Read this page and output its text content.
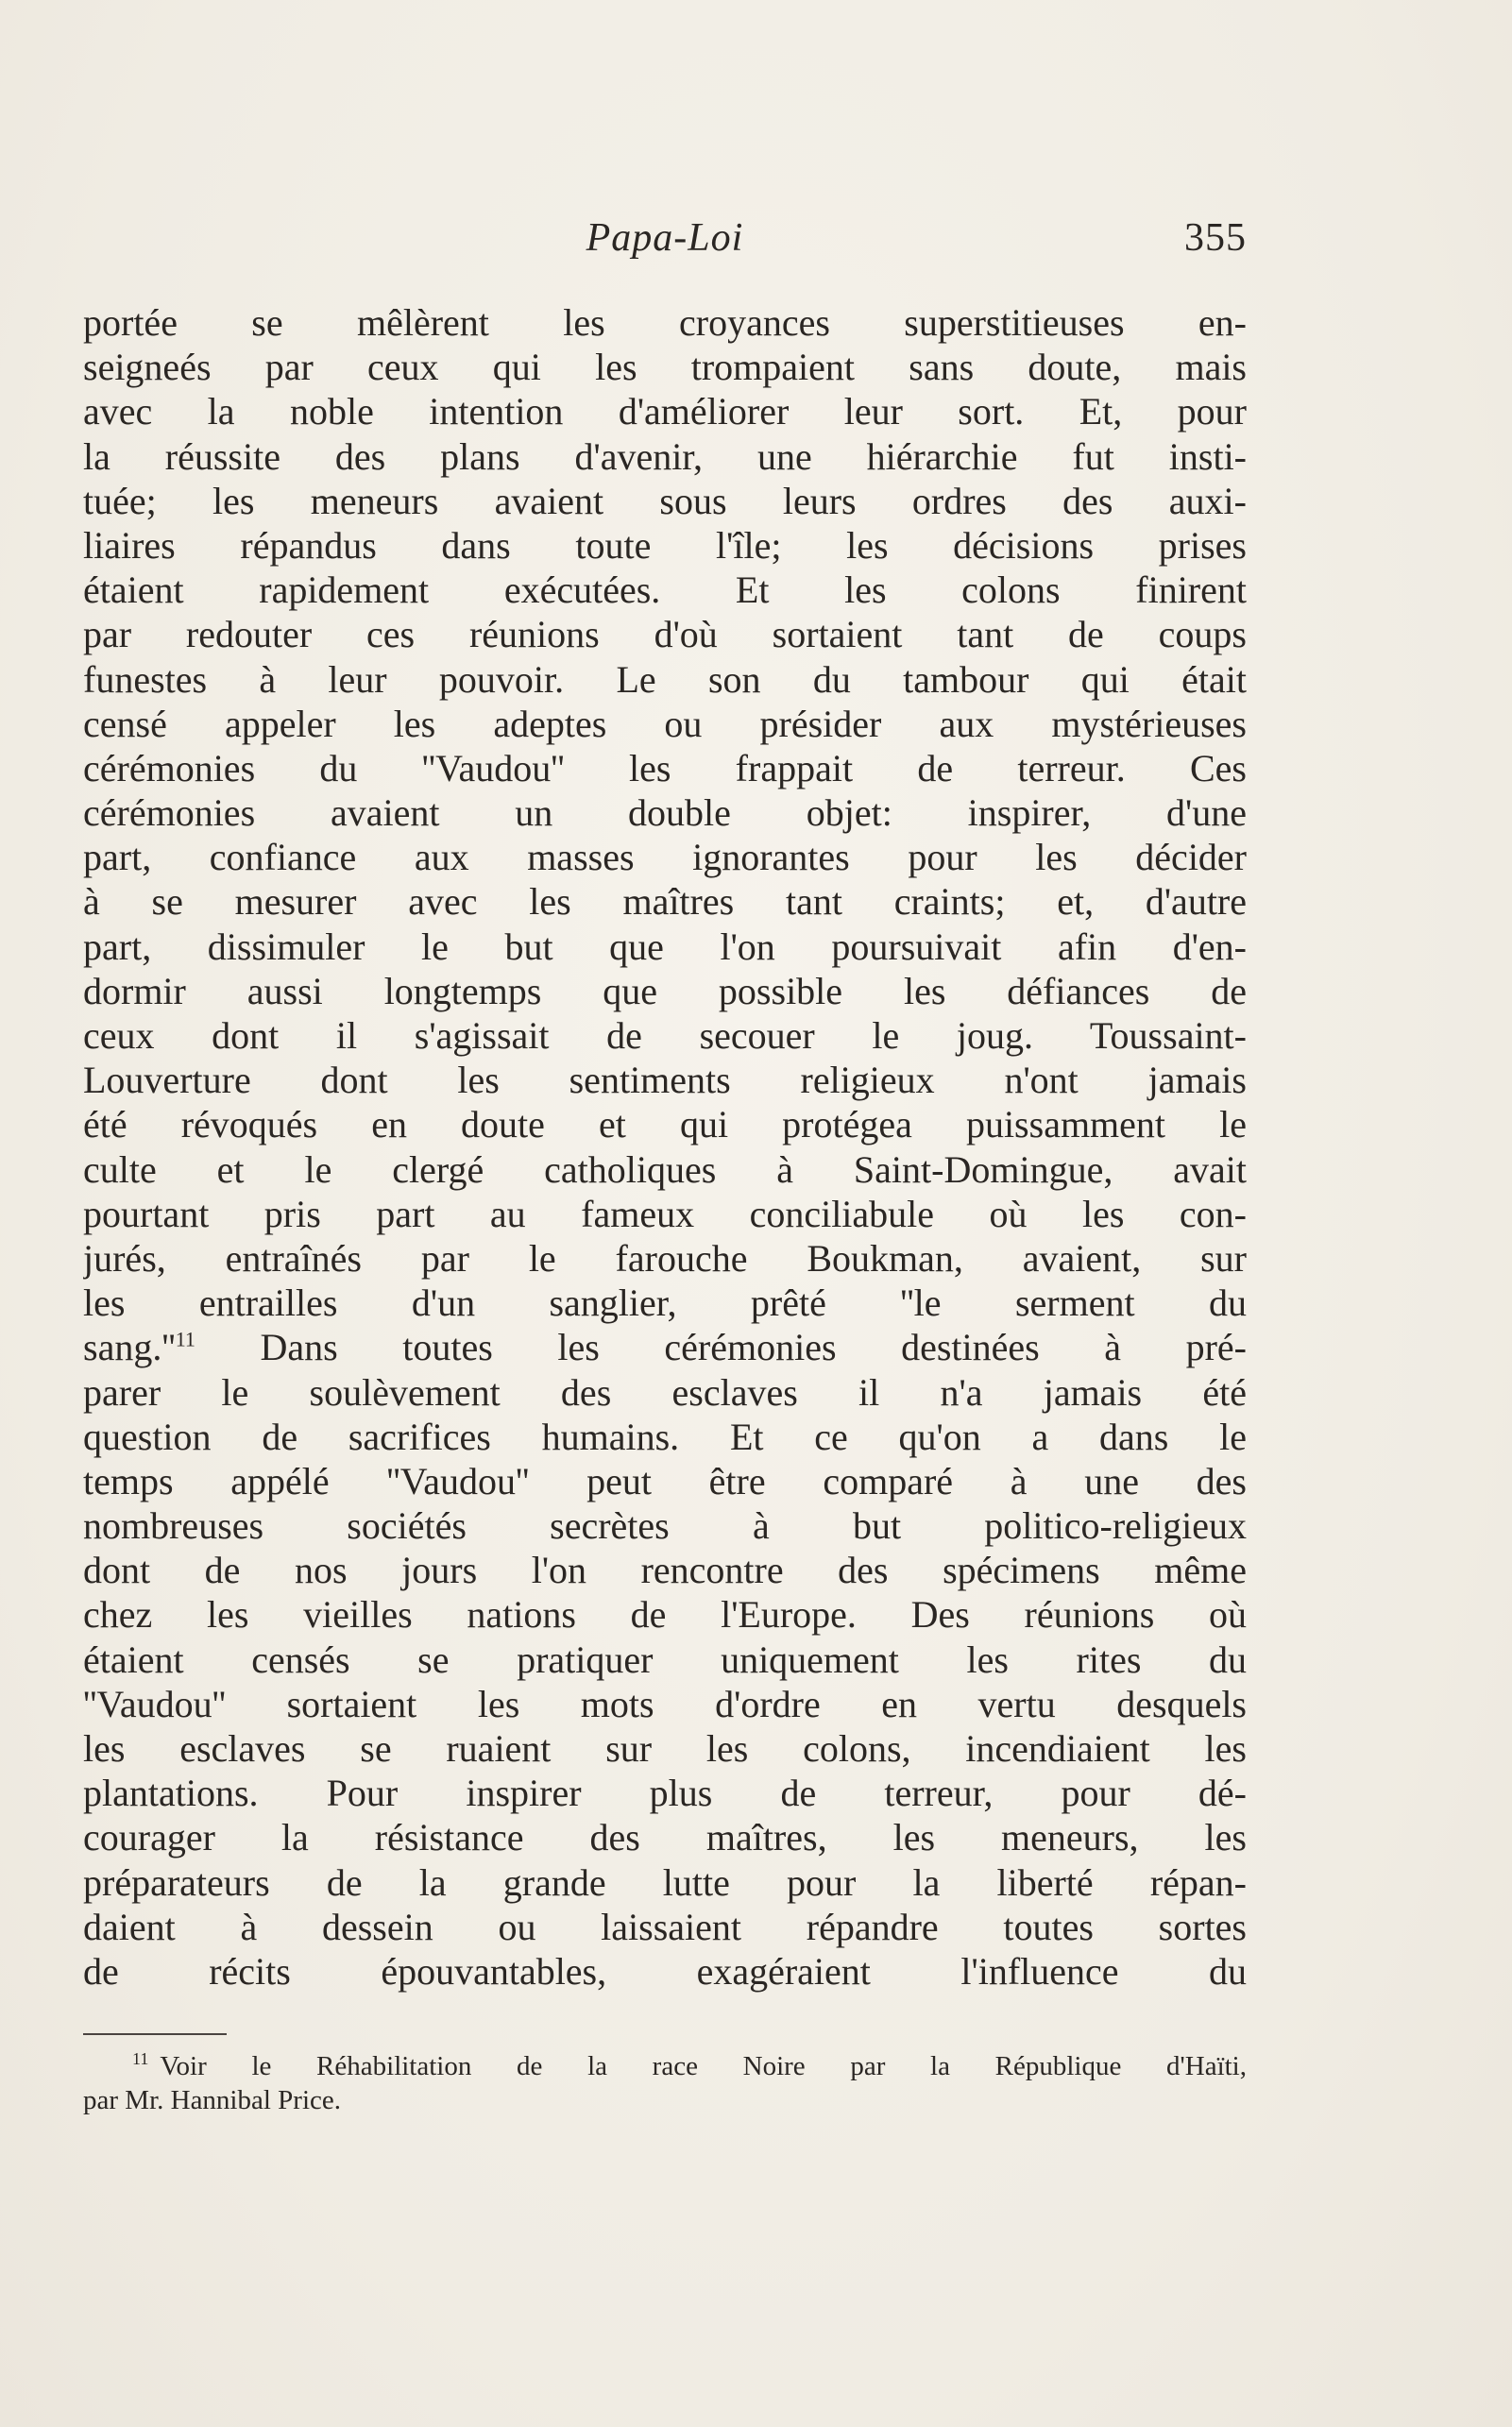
Papa-Loi	355
portée se mêlèrent les croyances superstitieuses en-
seigneés par ceux qui les trompaient sans doute, mais
avec la noble intention d'améliorer leur sort. Et, pour
la réussite des plans d'avenir, une hiérarchie fut insti-
tuée; les meneurs avaient sous leurs ordres des auxi-
liaires répandus dans toute l'île; les décisions prises
étaient rapidement exécutées. Et les colons finirent
par redouter ces réunions d'où sortaient tant de coups
funestes à leur pouvoir. Le son du tambour qui était
censé appeler les adeptes ou présider aux mystérieuses
cérémonies du ''Vaudou'' les frappait de terreur. Ces
cérémonies avaient un double objet: inspirer, d'une
part, confiance aux masses ignorantes pour les décider
à se mesurer avec les maîtres tant craints; et, d'autre
part, dissimuler le but que l'on poursuivait afin d'en-
dormir aussi longtemps que possible les défiances de
ceux dont il s'agissait de secouer le joug. Toussaint-
Louverture dont les sentiments religieux n'ont jamais
été révoqués en doute et qui protégea puissamment le
culte et le clergé catholiques à Saint-Domingue, avait
pourtant pris part au fameux conciliabule où les con-
jurés, entraînés par le farouche Boukman, avaient, sur
les entrailles d'un sanglier, prêté ''le serment du
sang.''$^{11}$ Dans toutes les cérémonies destinées à pré-
parer le soulèvement des esclaves il n'a jamais été
question de sacrifices humains. Et ce qu'on a dans le
temps appélé ''Vaudou'' peut être comparé à une des
nombreuses sociétés secrètes à but politico-religieux
dont de nos jours l'on rencontre des spécimens même
chez les vieilles nations de l'Europe. Des réunions où
étaient censés se pratiquer uniquement les rites du
''Vaudou'' sortaient les mots d'ordre en vertu desquels
les esclaves se ruaient sur les colons, incendiaient les
plantations. Pour inspirer plus de terreur, pour dé-
courager la résistance des maîtres, les meneurs, les
préparateurs de la grande lutte pour la liberté répan-
daient à dessein ou laissaient répandre toutes sortes
de récits épouvantables, exagéraient l'influence du
$^{11}$ Voir le Réhabilitation de la race Noire par la République d'Haïti,
par Mr. Hannibal Price.
